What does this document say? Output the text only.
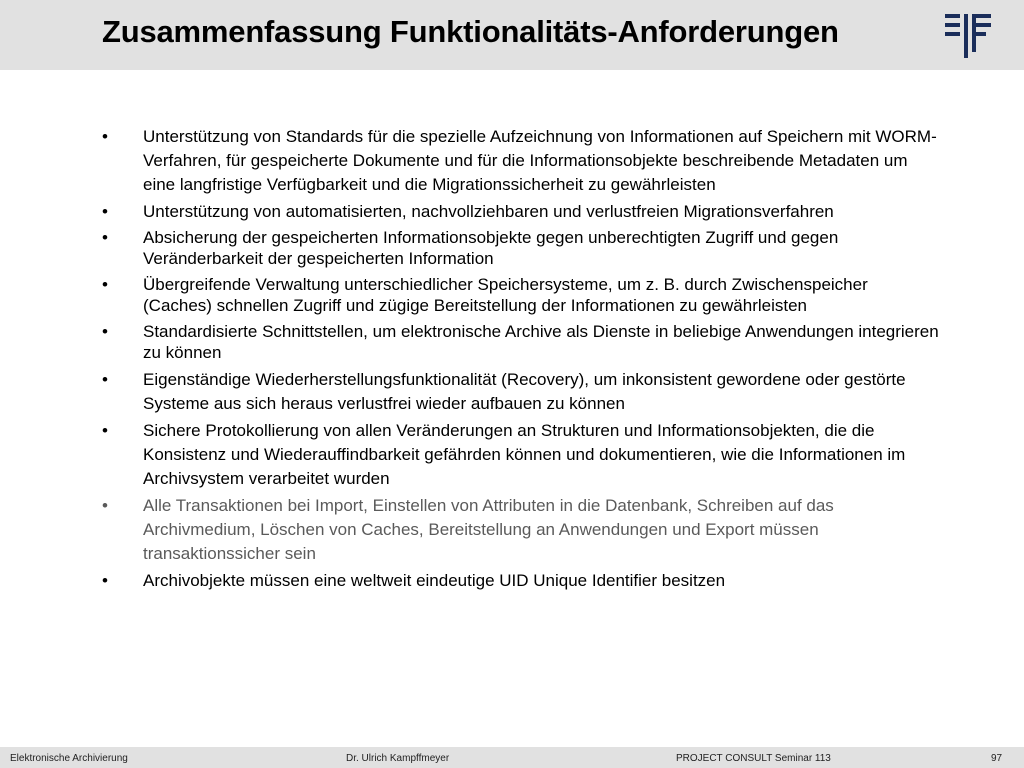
Zusammenfassung Funktionalitäts-Anforderungen
•	Unterstützung von Standards für die spezielle Aufzeichnung von Informationen auf Speichern mit WORM-Verfahren, für gespeicherte Dokumente und für die Informationsobjekte beschreibende Metadaten um eine langfristige Verfügbarkeit und die Migrationssicherheit zu gewährleisten
•	Unterstützung von automatisierten, nachvollziehbaren und verlustfreien Migrationsverfahren
•	Absicherung der gespeicherten Informationsobjekte gegen unberechtigten Zugriff und gegen Veränderbarkeit der gespeicherten Information
•	Übergreifende Verwaltung unterschiedlicher Speichersysteme, um z. B. durch Zwischenspeicher (Caches) schnellen Zugriff und zügige Bereitstellung der Informationen zu gewährleisten
•	Standardisierte Schnittstellen, um elektronische Archive als Dienste in beliebige Anwendungen integrieren zu können
•	Eigenständige Wiederherstellungsfunktionalität (Recovery), um inkonsistent gewordene oder gestörte Systeme aus sich heraus verlustfrei wieder aufbauen zu können
•	Sichere Protokollierung von allen Veränderungen an Strukturen und Informationsobjekten, die die Konsistenz und Wiederauffindbarkeit gefährden können und dokumentieren, wie die Informationen im Archivsystem verarbeitet wurden
•	Alle Transaktionen bei Import, Einstellen von Attributen in die Datenbank, Schreiben auf das Archivmedium, Löschen von Caches, Bereitstellung an Anwendungen und Export müssen transaktionssicher sein
•	Archivobjekte müssen eine weltweit eindeutige UID Unique Identifier besitzen
Elektronische Archivierung	Dr. Ulrich Kampffmeyer	PROJECT CONSULT Seminar 113	97
